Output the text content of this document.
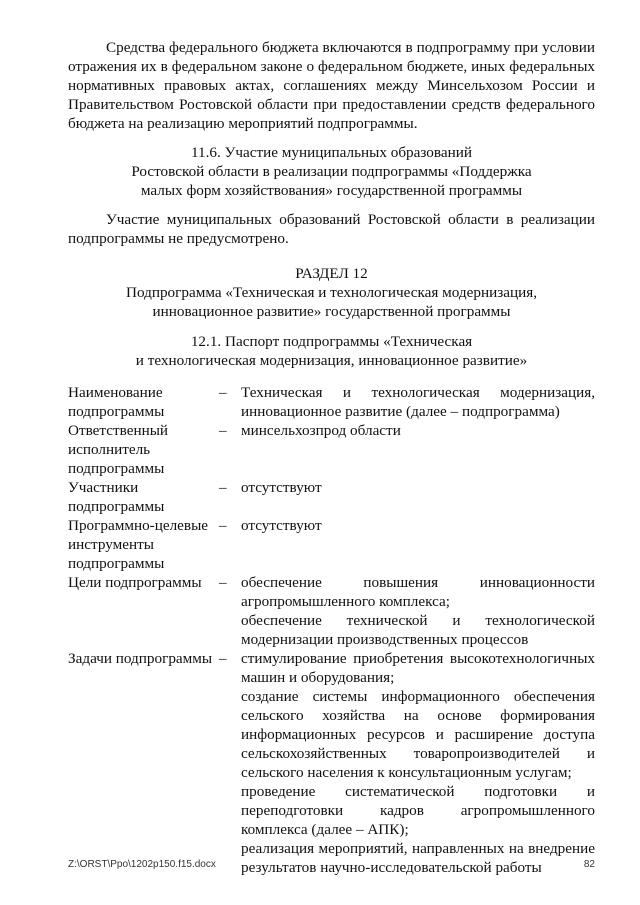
Средства федерального бюджета включаются в подпрограмму при условии отражения их в федеральном законе о федеральном бюджете, иных федеральных нормативных правовых актах, соглашениях между Минсельхозом России и Правительством Ростовской области при предоставлении средств федерального бюджета на реализацию мероприятий подпрограммы.

11.6. Участие муниципальных образований
Ростовской области в реализации подпрограммы «Поддержка
малых форм хозяйствования» государственной программы

Участие муниципальных образований Ростовской области в реализации подпрограммы не предусмотрено.

РАЗДЕЛ 12
Подпрограмма «Техническая и технологическая модернизация,
инновационное развитие» государственной программы
12.1. Паспорт подпрограммы «Техническая
и технологическая модернизация, инновационное развитие»
Наименование подпрограммы	–	Техническая и технологическая модернизация, инновационное развитие (далее – подпрограмма)

Ответственный исполнитель подпрограммы	–	минсельхозпрод области

Участники подпрограммы	–	отсутствуют

Программно-целевые инструменты подпрограммы	–	отсутствуют

Цели подпрограммы	–	обеспечение повышения инновационности агропромышленного комплекса;
обеспечение технической и технологической модернизации производственных процессов

Задачи подпрограммы	–	стимулирование приобретения высокотехнологичных машин и оборудования;
создание системы информационного обеспечения сельского хозяйства на основе формирования информационных ресурсов и расширение доступа сельскохозяйственных товаропроизводителей и сельского населения к консультационным услугам;
проведение систематической подготовки и переподготовки кадров агропромышленного комплекса (далее – АПК);
реализация мероприятий, направленных на внедрение результатов научно-исследовательской работы
Z:\ORST\Ppo\1202p150.f15.docx	82
